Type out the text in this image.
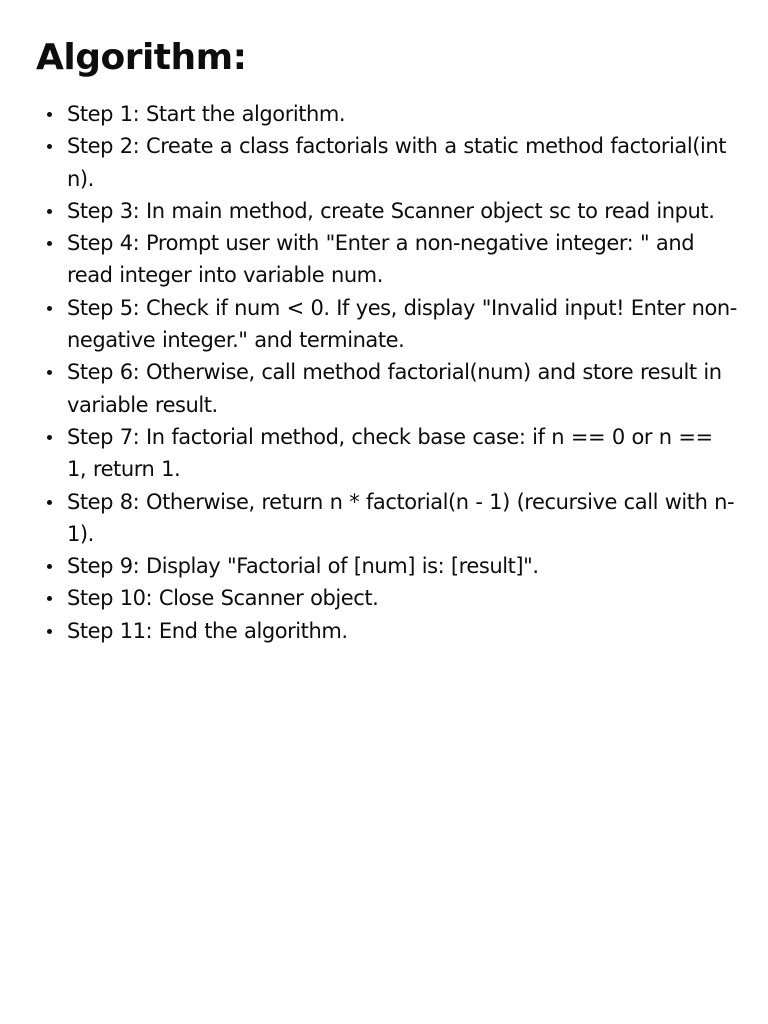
Algorithm:
Step 1: Start the algorithm.
Step 2: Create a class factorials with a static method factorial(int n).
Step 3: In main method, create Scanner object sc to read input.
Step 4: Prompt user with "Enter a non-negative integer: " and read integer into variable num.
Step 5: Check if num < 0. If yes, display "Invalid input! Enter non-negative integer." and terminate.
Step 6: Otherwise, call method factorial(num) and store result in variable result.
Step 7: In factorial method, check base case: if n == 0 or n == 1, return 1.
Step 8: Otherwise, return n * factorial(n - 1) (recursive call with n-1).
Step 9: Display "Factorial of [num] is: [result]".
Step 10: Close Scanner object.
Step 11: End the algorithm.
